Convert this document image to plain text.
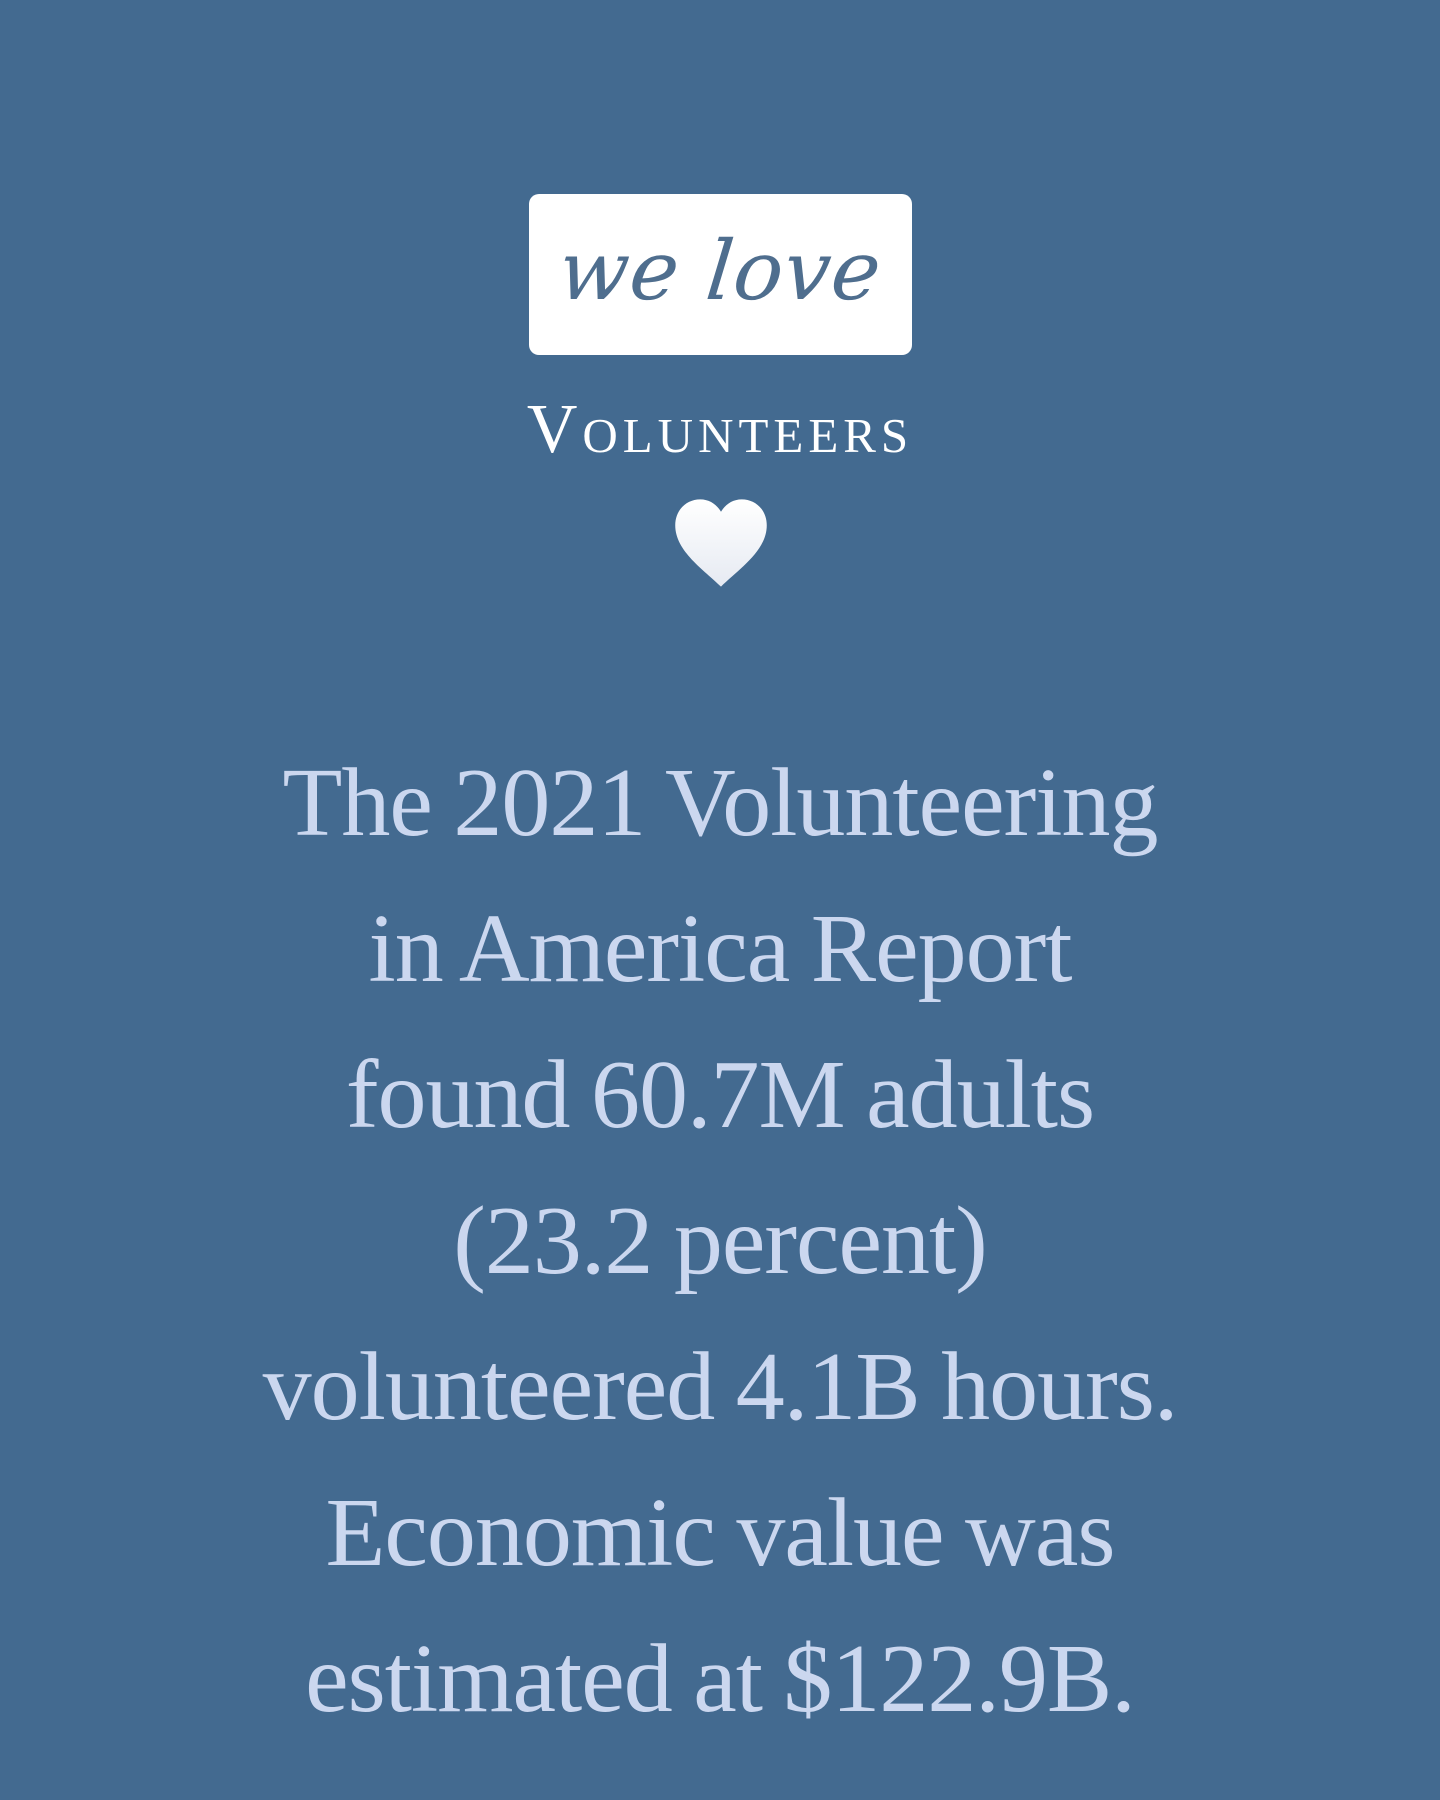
we love
Volunteers
The 2021 Volunteering
in America Report
found 60.7M adults
(23.2 percent)
volunteered 4.1B hours.
Economic value was
estimated at $122.9B.
